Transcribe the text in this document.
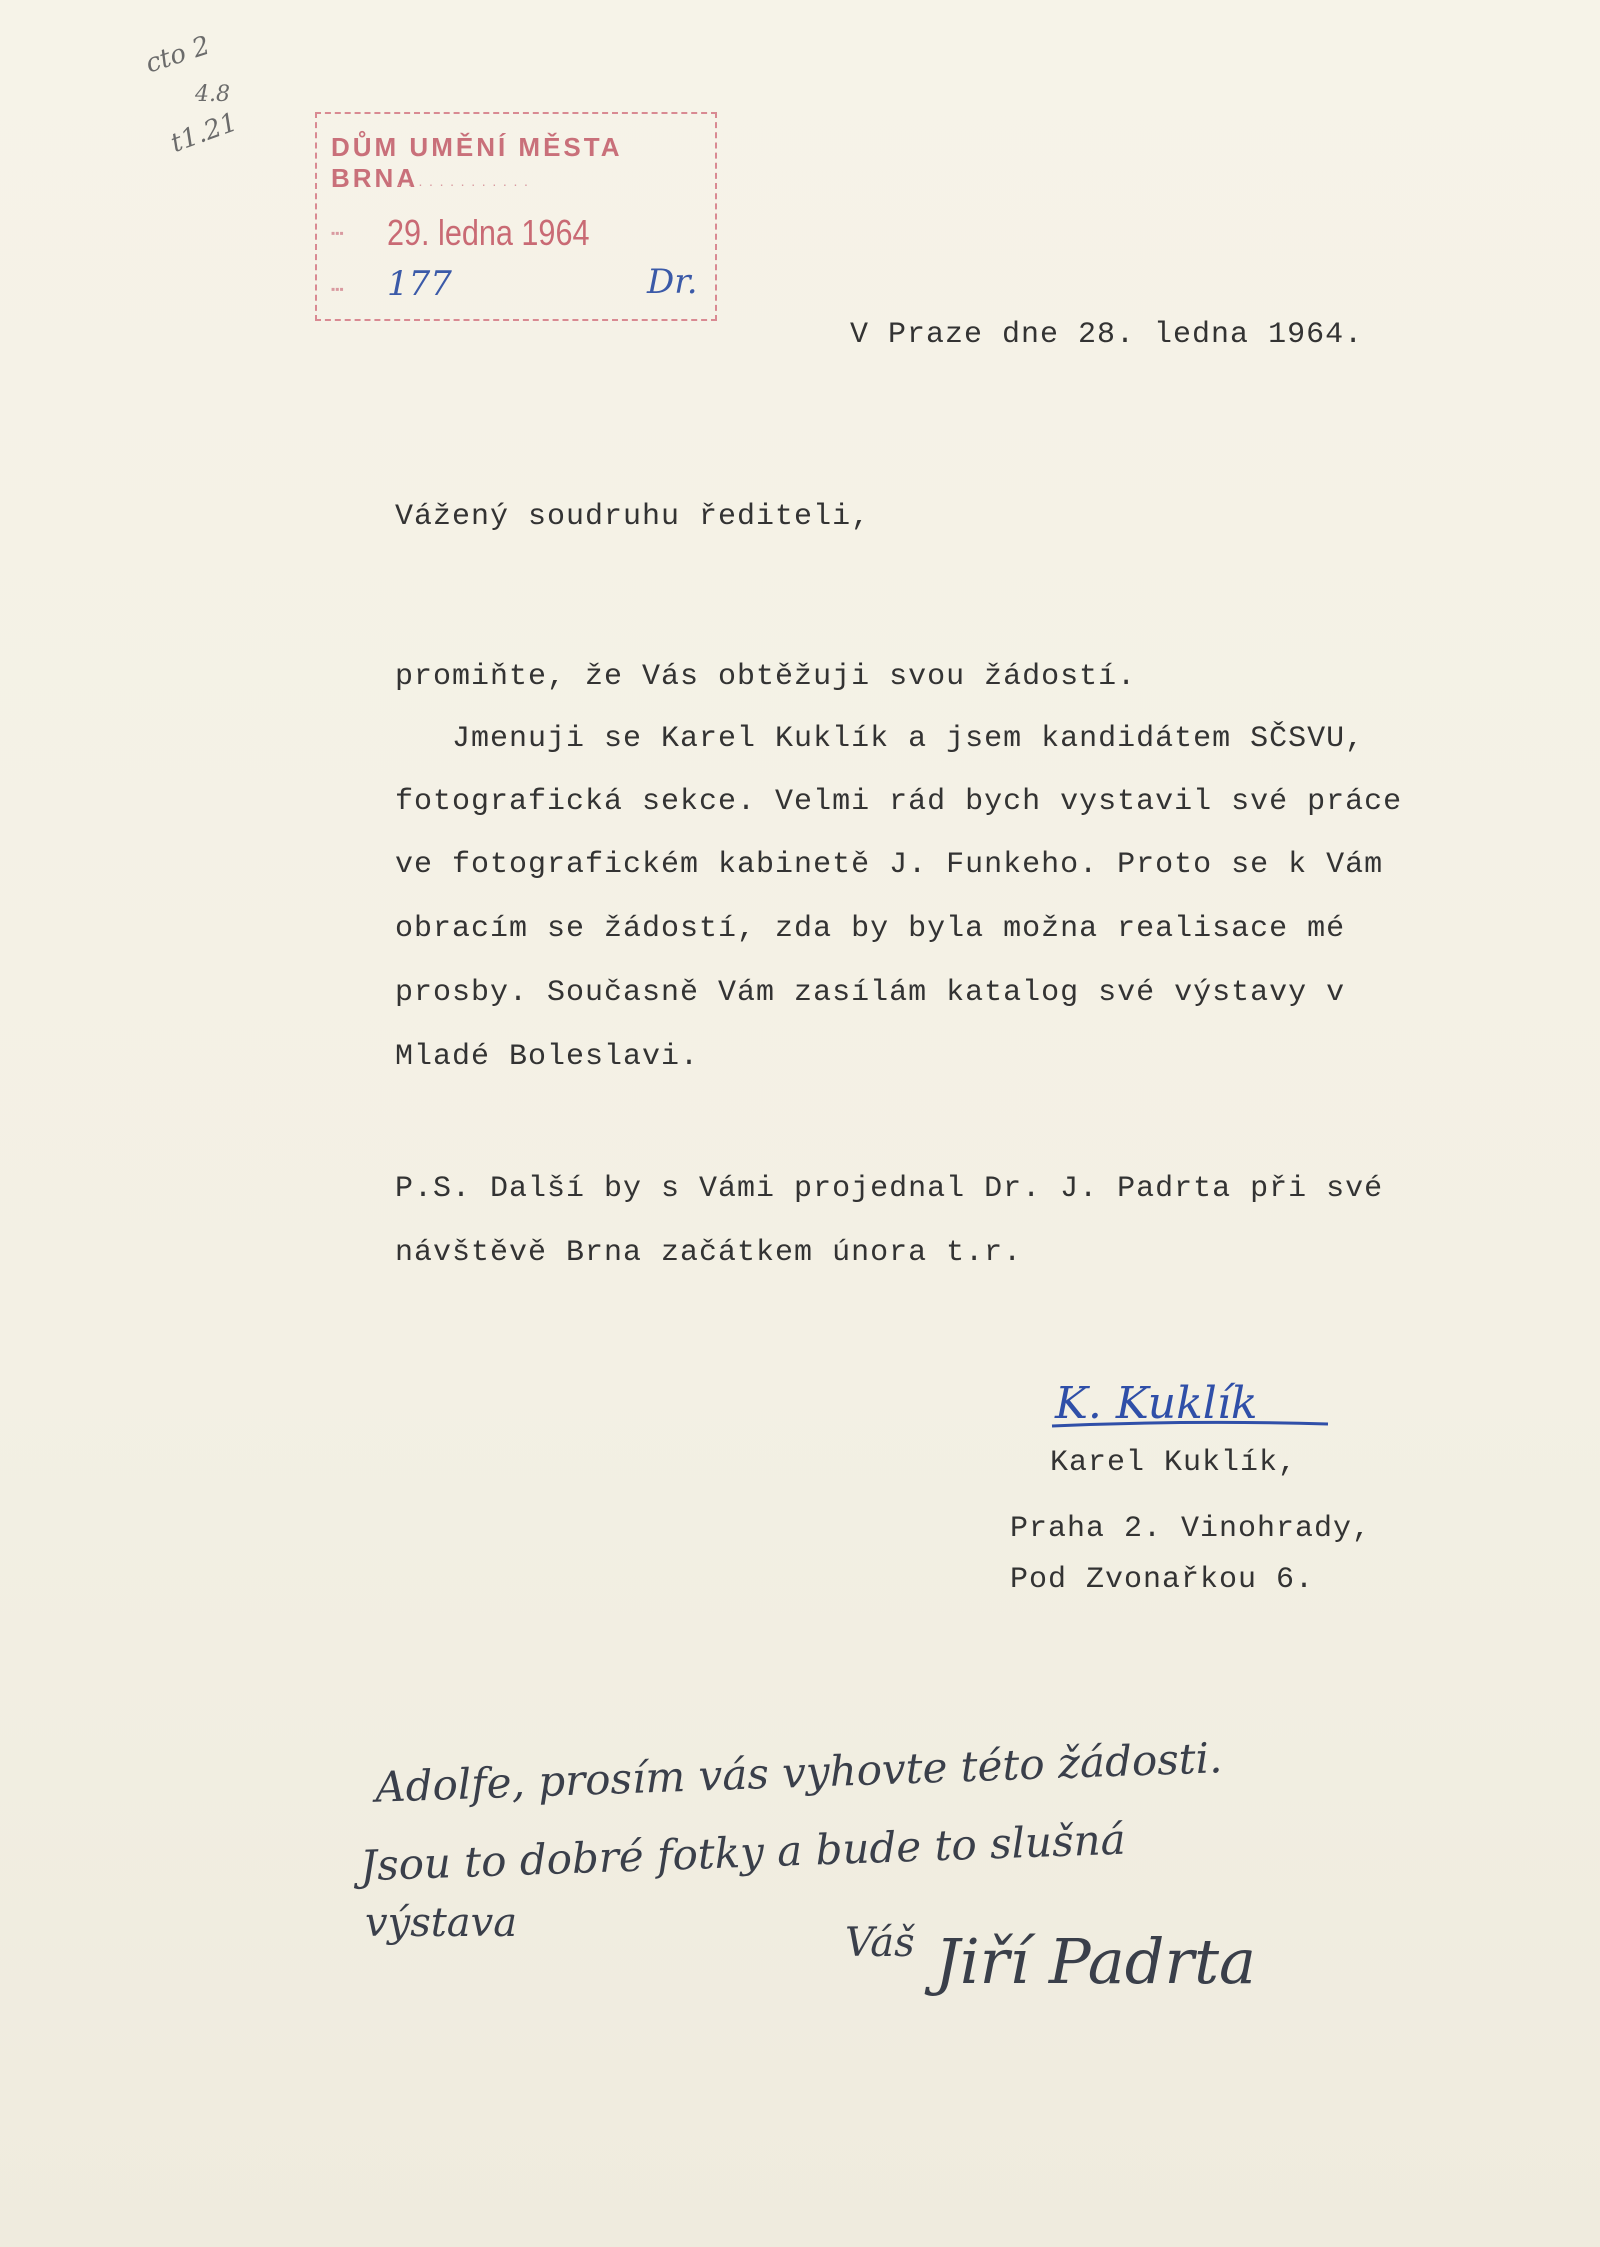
cto 2
4.8
t1.21	DŮM UMĚNÍ MĚSTA BRNA
· · · · · · · · · · · · ·
▪▪▪ 29. ledna 1964
▪▪▪ 177	Dr.
V Praze dne 28. ledna 1964.
Vážený soudruhu řediteli,
promiňte, že Vás obtěžuji svou žádostí.
Jmenuji se Karel Kuklík a jsem kandidátem SČSVU,
fotografická sekce. Velmi rád bych vystavil své práce
ve fotografickém kabinetě J. Funkeho. Proto se k Vám
obracím se žádostí, zda by byla možna realisace mé
prosby. Současně Vám zasílám katalog své výstavy v
Mladé Boleslavi.
P.S. Další by s Vámi projednal Dr. J. Padrta při své
návštěvě Brna začátkem února t.r.
K. Kuklík
Karel Kuklík,
Praha 2. Vinohrady,
Pod Zvonařkou 6.
Adolfe, prosím vás vyhovte této žádosti.
Jsou to dobré fotky a bude to slušná
výstava	Váš Jiří Padrta
